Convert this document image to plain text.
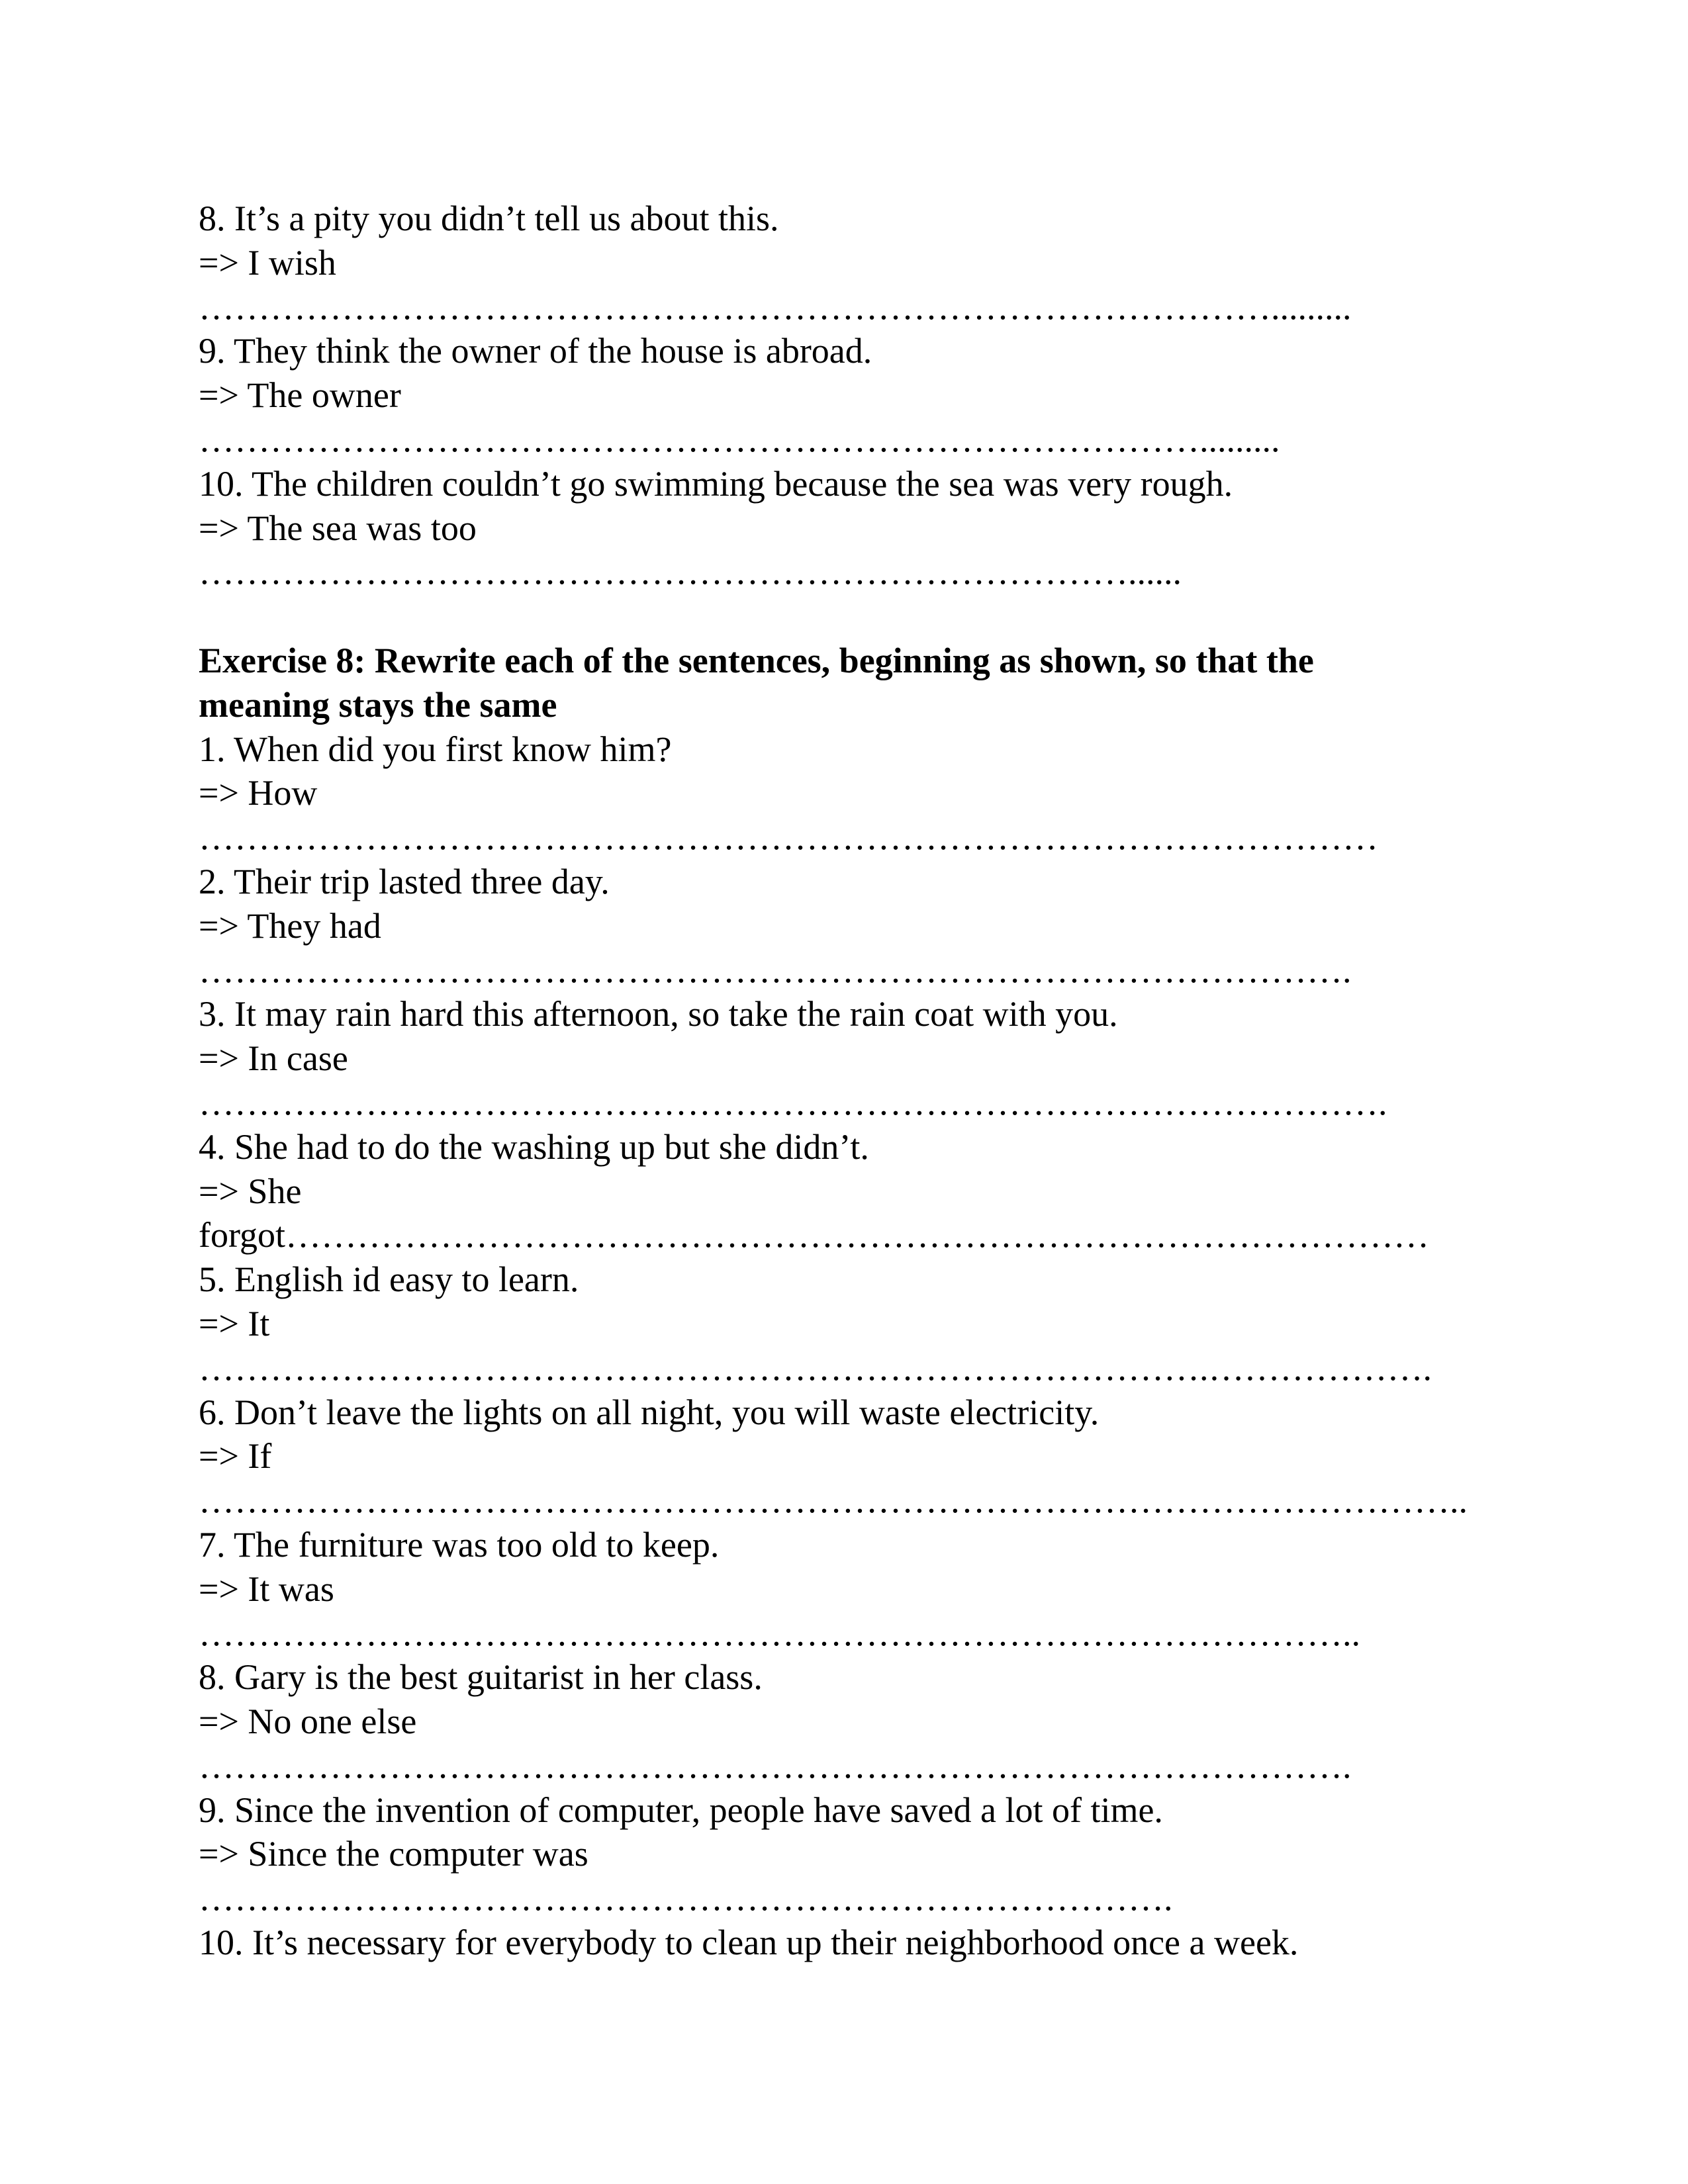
8. It’s a pity you didn’t tell us about this.
=> I wish
……………………………………………………………………………….........
9. They think the owner of the house is abroad.
=> The owner
………………………………………………………………………….........
10. The children couldn’t go swimming because the sea was very rough.
=> The sea was too
……………………………………………………………………......
Exercise 8: Rewrite each of the sentences, beginning as shown, so that the
meaning stays the same
1. When did you first know him?
=> How
………………………………………………………………………………………
2. Their trip lasted three day.
=> They had
…………………………………………………………………………………….
3. It may rain hard this afternoon, so take the rain coat with you.
=> In case
……………………………………………………………………………………….
4. She had to do the washing up but she didn’t.
=> She
forgot……………………………………………………………………………………
5. English id easy to learn.
=> It
………………………………………………………………………….……………….
6. Don’t leave the lights on all night, you will waste electricity.
=> If
……………………………………………………………………………………………..
7. The furniture was too old to keep.
=> It was
……………………………………………………………………………………..
8. Gary is the best guitarist in her class.
=> No one else
…………………………………………………………………………………….
9. Since the invention of computer, people have saved a lot of time.
=> Since the computer was
……………………………………………………………………….
10. It’s necessary for everybody to clean up their neighborhood once a week.
